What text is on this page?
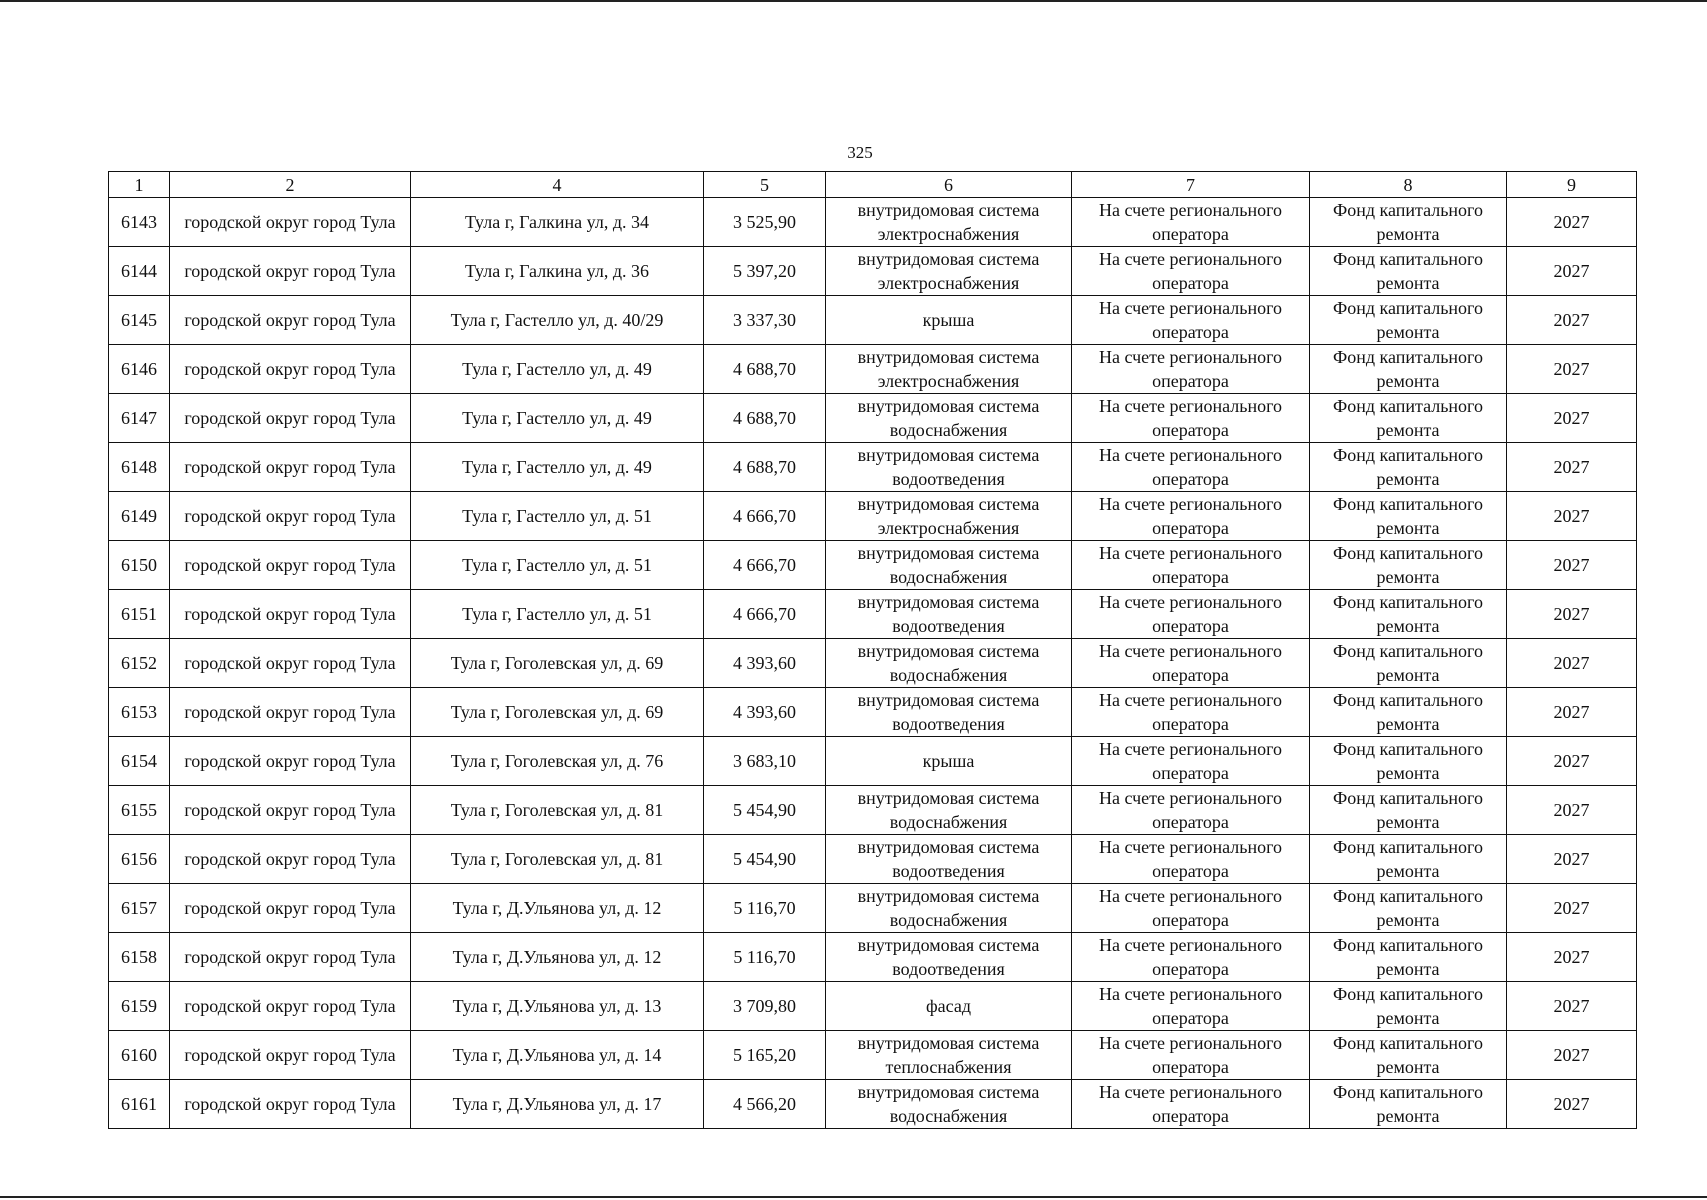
325
1	2	4	5	6	7	8	9
6143	городской округ город Тула	Тула г, Галкина ул, д. 34	3 525,90	внутридомовая система электроснабжения	На счете регионального оператора	Фонд капитального ремонта	2027
6144	городской округ город Тула	Тула г, Галкина ул, д. 36	5 397,20	внутридомовая система электроснабжения	На счете регионального оператора	Фонд капитального ремонта	2027
6145	городской округ город Тула	Тула г, Гастелло ул, д. 40/29	3 337,30	крыша	На счете регионального оператора	Фонд капитального ремонта	2027
6146	городской округ город Тула	Тула г, Гастелло ул, д. 49	4 688,70	внутридомовая система электроснабжения	На счете регионального оператора	Фонд капитального ремонта	2027
6147	городской округ город Тула	Тула г, Гастелло ул, д. 49	4 688,70	внутридомовая система водоснабжения	На счете регионального оператора	Фонд капитального ремонта	2027
6148	городской округ город Тула	Тула г, Гастелло ул, д. 49	4 688,70	внутридомовая система водоотведения	На счете регионального оператора	Фонд капитального ремонта	2027
6149	городской округ город Тула	Тула г, Гастелло ул, д. 51	4 666,70	внутридомовая система электроснабжения	На счете регионального оператора	Фонд капитального ремонта	2027
6150	городской округ город Тула	Тула г, Гастелло ул, д. 51	4 666,70	внутридомовая система водоснабжения	На счете регионального оператора	Фонд капитального ремонта	2027
6151	городской округ город Тула	Тула г, Гастелло ул, д. 51	4 666,70	внутридомовая система водоотведения	На счете регионального оператора	Фонд капитального ремонта	2027
6152	городской округ город Тула	Тула г, Гоголевская ул, д. 69	4 393,60	внутридомовая система водоснабжения	На счете регионального оператора	Фонд капитального ремонта	2027
6153	городской округ город Тула	Тула г, Гоголевская ул, д. 69	4 393,60	внутридомовая система водоотведения	На счете регионального оператора	Фонд капитального ремонта	2027
6154	городской округ город Тула	Тула г, Гоголевская ул, д. 76	3 683,10	крыша	На счете регионального оператора	Фонд капитального ремонта	2027
6155	городской округ город Тула	Тула г, Гоголевская ул, д. 81	5 454,90	внутридомовая система водоснабжения	На счете регионального оператора	Фонд капитального ремонта	2027
6156	городской округ город Тула	Тула г, Гоголевская ул, д. 81	5 454,90	внутридомовая система водоотведения	На счете регионального оператора	Фонд капитального ремонта	2027
6157	городской округ город Тула	Тула г, Д.Ульянова ул, д. 12	5 116,70	внутридомовая система водоснабжения	На счете регионального оператора	Фонд капитального ремонта	2027
6158	городской округ город Тула	Тула г, Д.Ульянова ул, д. 12	5 116,70	внутридомовая система водоотведения	На счете регионального оператора	Фонд капитального ремонта	2027
6159	городской округ город Тула	Тула г, Д.Ульянова ул, д. 13	3 709,80	фасад	На счете регионального оператора	Фонд капитального ремонта	2027
6160	городской округ город Тула	Тула г, Д.Ульянова ул, д. 14	5 165,20	внутридомовая система теплоснабжения	На счете регионального оператора	Фонд капитального ремонта	2027
6161	городской округ город Тула	Тула г, Д.Ульянова ул, д. 17	4 566,20	внутридомовая система водоснабжения	На счете регионального оператора	Фонд капитального ремонта	2027
